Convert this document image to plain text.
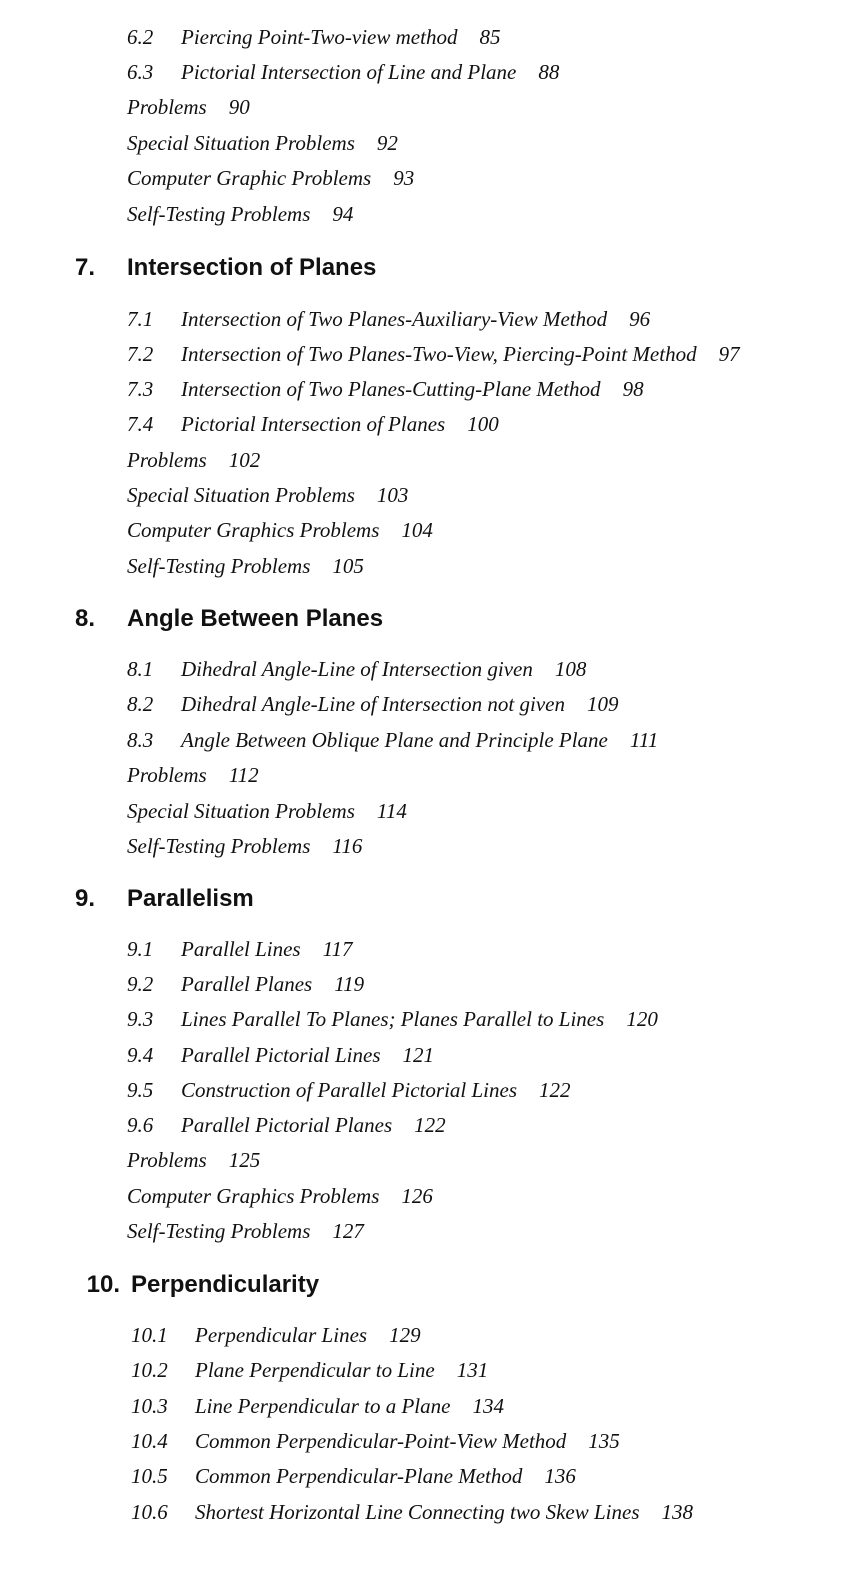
6.2 Piercing Point-Two-view method 85
6.3 Pictorial Intersection of Line and Plane 88
Problems 90
Special Situation Problems 92
Computer Graphic Problems 93
Self-Testing Problems 94
7. Intersection of Planes
7.1 Intersection of Two Planes-Auxiliary-View Method 96
7.2 Intersection of Two Planes-Two-View, Piercing-Point Method 97
7.3 Intersection of Two Planes-Cutting-Plane Method 98
7.4 Pictorial Intersection of Planes 100
Problems 102
Special Situation Problems 103
Computer Graphics Problems 104
Self-Testing Problems 105
8. Angle Between Planes
8.1 Dihedral Angle-Line of Intersection given 108
8.2 Dihedral Angle-Line of Intersection not given 109
8.3 Angle Between Oblique Plane and Principle Plane 111
Problems 112
Special Situation Problems 114
Self-Testing Problems 116
9. Parallelism
9.1 Parallel Lines 117
9.2 Parallel Planes 119
9.3 Lines Parallel To Planes; Planes Parallel to Lines 120
9.4 Parallel Pictorial Lines 121
9.5 Construction of Parallel Pictorial Lines 122
9.6 Parallel Pictorial Planes 122
Problems 125
Computer Graphics Problems 126
Self-Testing Problems 127
10. Perpendicularity
10.1 Perpendicular Lines 129
10.2 Plane Perpendicular to Line 131
10.3 Line Perpendicular to a Plane 134
10.4 Common Perpendicular-Point-View Method 135
10.5 Common Perpendicular-Plane Method 136
10.6 Shortest Horizontal Line Connecting two Skew Lines 138
